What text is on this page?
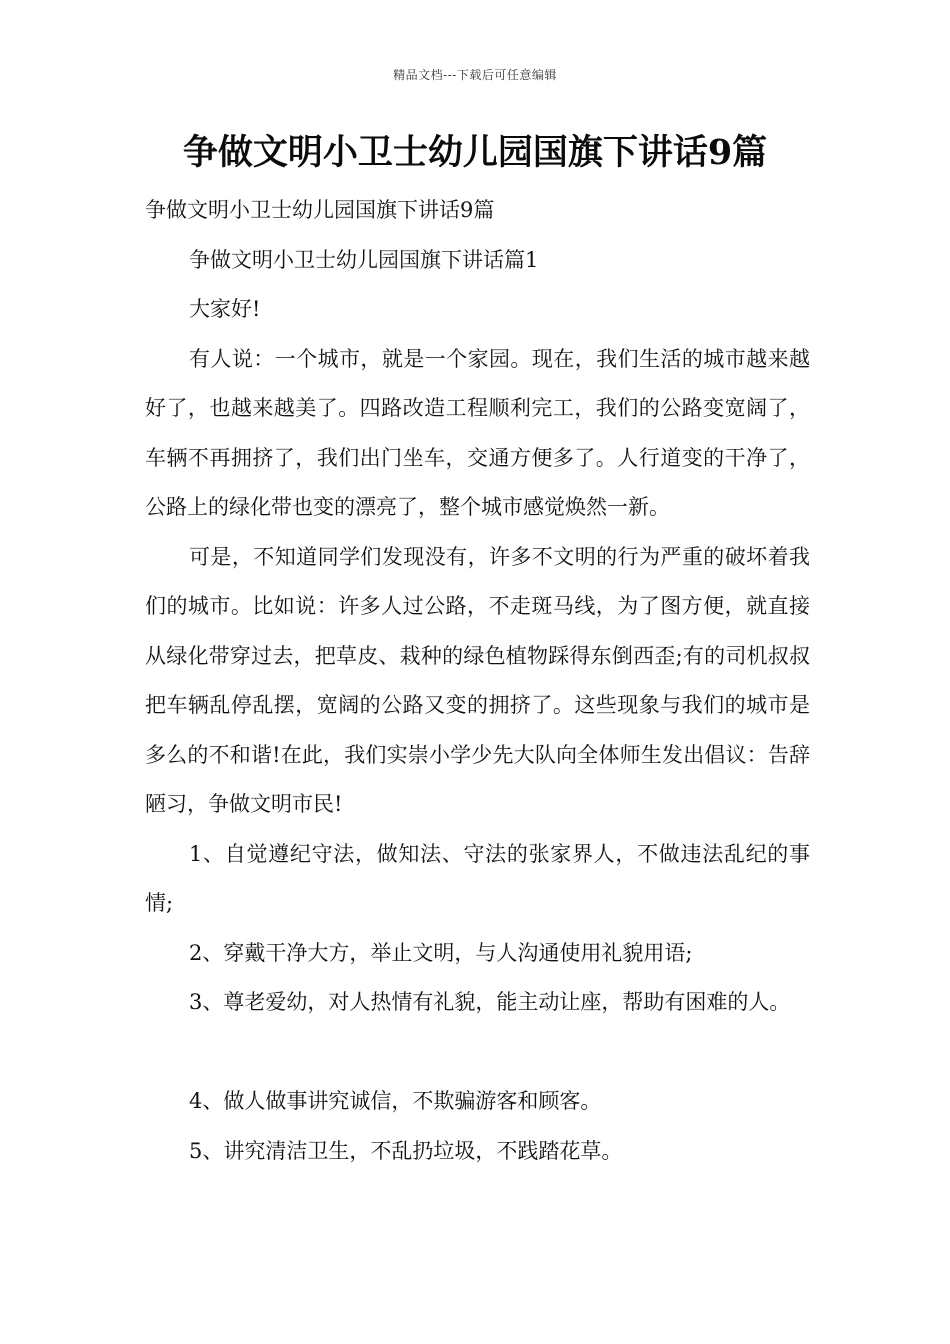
精品文档---下载后可任意编辑
争做文明小卫士幼儿园国旗下讲话9篇

争做文明小卫士幼儿园国旗下讲话9篇

争做文明小卫士幼儿园国旗下讲话篇1

大家好!

有人说：一个城市，就是一个家园。现在，我们生活的城市越来越好了，也越来越美了。四路改造工程顺利完工，我们的公路变宽阔了，车辆不再拥挤了，我们出门坐车，交通方便多了。人行道变的干净了，公路上的绿化带也变的漂亮了，整个城市感觉焕然一新。

可是，不知道同学们发现没有，许多不文明的行为严重的破坏着我们的城市。比如说：许多人过公路，不走斑马线，为了图方便，就直接从绿化带穿过去，把草皮、栽种的绿色植物踩得东倒西歪;有的司机叔叔把车辆乱停乱摆，宽阔的公路又变的拥挤了。这些现象与我们的城市是多么的不和谐!在此，我们实崇小学少先大队向全体师生发出倡议：告辞陋习，争做文明市民!

1、自觉遵纪守法，做知法、守法的张家界人，不做违法乱纪的事情;

2、穿戴干净大方，举止文明，与人沟通使用礼貌用语;

3、尊老爱幼，对人热情有礼貌，能主动让座，帮助有困难的人。

4、做人做事讲究诚信，不欺骗游客和顾客。

5、讲究清洁卫生，不乱扔垃圾，不践踏花草。
